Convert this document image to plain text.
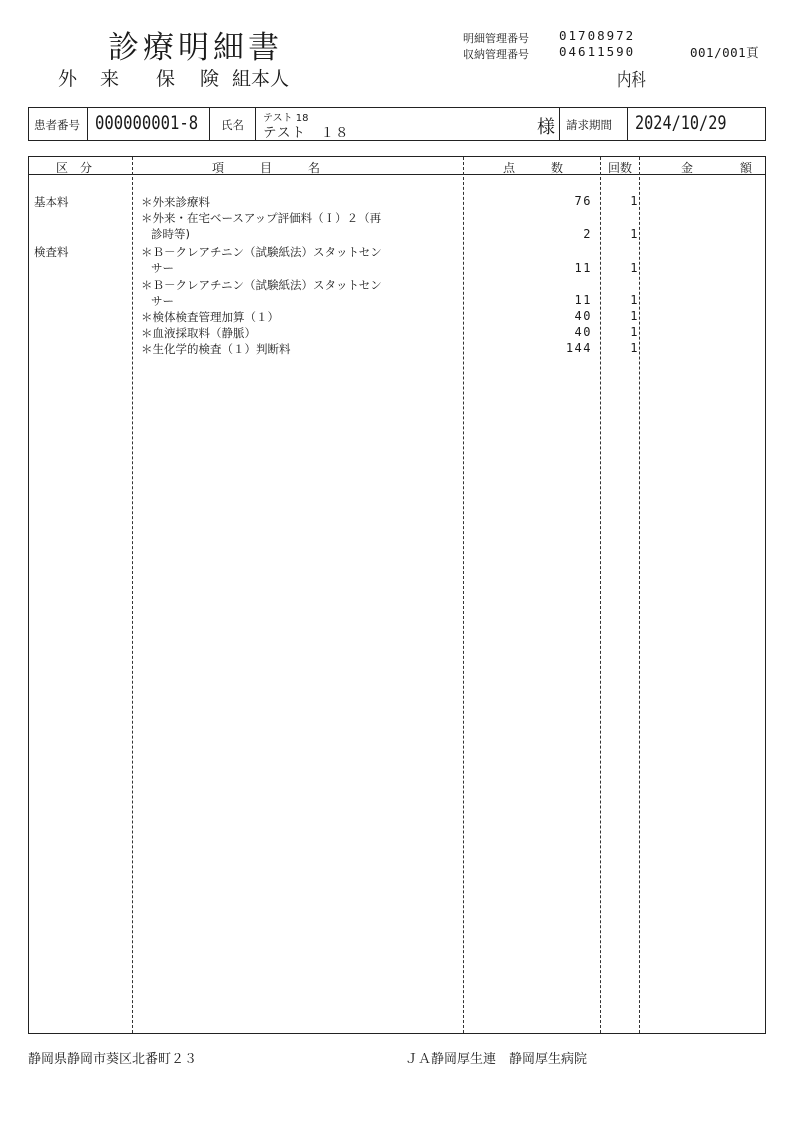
診療明細書
外 来 保 険 組本人
明細管理番号 01708972
収納管理番号 04611590	001/001頁
内科
患者番号 000000001-8 氏名 テスト 18
テスト　１８	様 請求期間 2024/10/29
区　分	項　　　目　　　名	点　　　数	回数	金	額
基本料	＊外来診療料	76	1
＊外来・在宅ベースアップ評価料（Ｉ）２（再
診時等)	2	1
検査料	＊Ｂ－クレアチニン（試験紙法）スタットセン
サー	11	1
＊Ｂ－クレアチニン（試験紙法）スタットセン
サー	11	1
＊検体検査管理加算（１）	40	1
＊血液採取料（静脈）	40	1
＊生化学的検査（１）判断料	144	1
静岡県静岡市葵区北番町２３	ＪＡ静岡厚生連　静岡厚生病院
